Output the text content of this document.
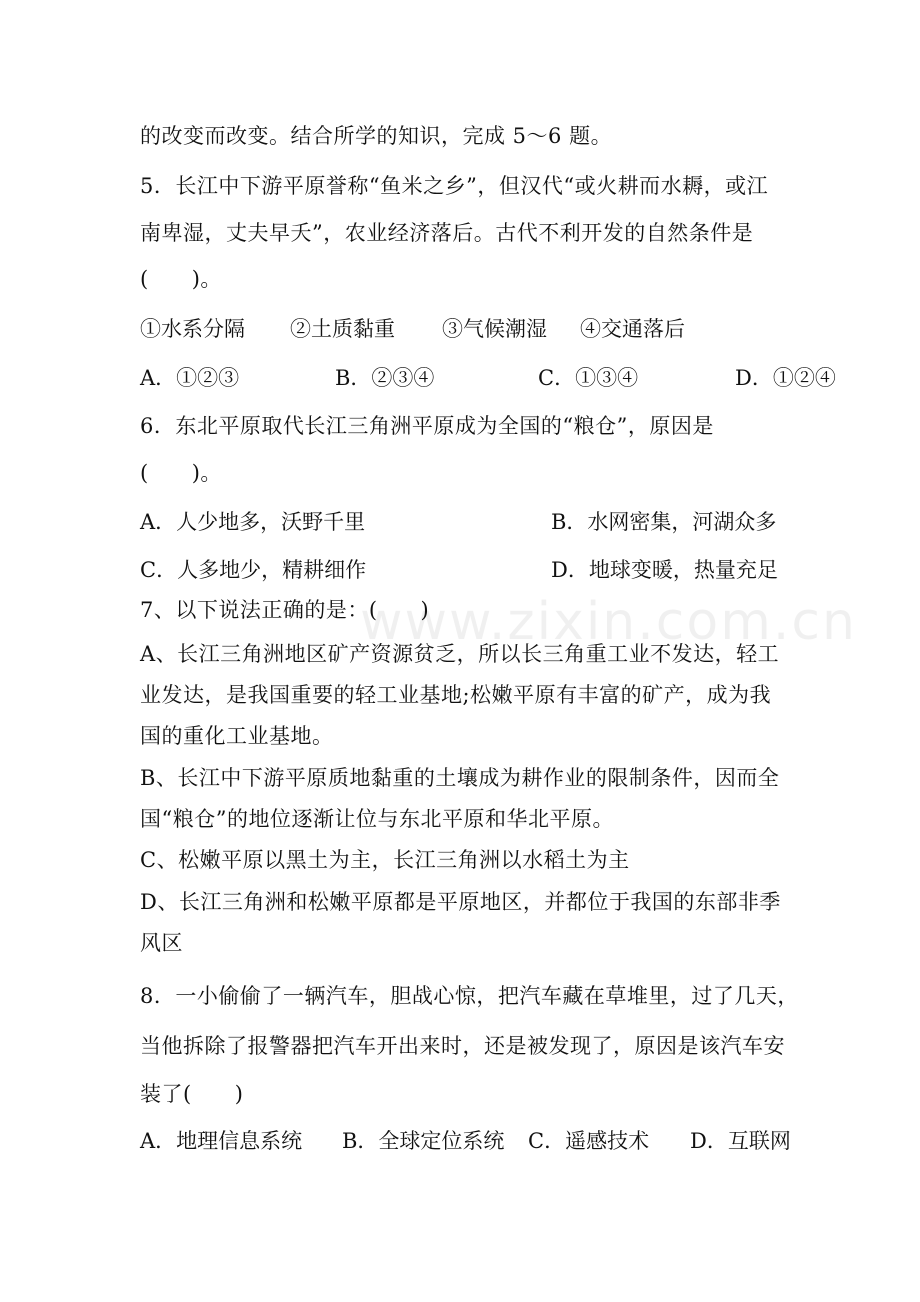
www.zixin.com.cn
的改变而改变。结合所学的知识，完成 5～6 题。
5．长江中下游平原誉称“鱼米之乡”，但汉代“或火耕而水耨，或江
南卑湿，丈夫早夭”，农业经济落后。古代不利开发的自然条件是
(　　)。
①水系分隔 ②土质黏重 ③气候潮湿 ④交通落后
A．①②③	B．②③④	C．①③④	D．①②④
6．东北平原取代长江三角洲平原成为全国的“粮仓”，原因是
(　　)。
A．人少地多，沃野千里	B．水网密集，河湖众多
C．人多地少，精耕细作	D．地球变暖，热量充足
7、以下说法正确的是：(　　)
A、长江三角洲地区矿产资源贫乏，所以长三角重工业不发达，轻工
业发达，是我国重要的轻工业基地;松嫩平原有丰富的矿产，成为我
国的重化工业基地。
B、长江中下游平原质地黏重的土壤成为耕作业的限制条件，因而全
国“粮仓”的地位逐渐让位与东北平原和华北平原。
C、松嫩平原以黑土为主，长江三角洲以水稻土为主
D、长江三角洲和松嫩平原都是平原地区，并都位于我国的东部非季
风区
8．一小偷偷了一辆汽车，胆战心惊，把汽车藏在草堆里，过了几天，
当他拆除了报警器把汽车开出来时，还是被发现了，原因是该汽车安
装了(　　)
A．地理信息系统 B．全球定位系统 C．遥感技术 D．互联网
